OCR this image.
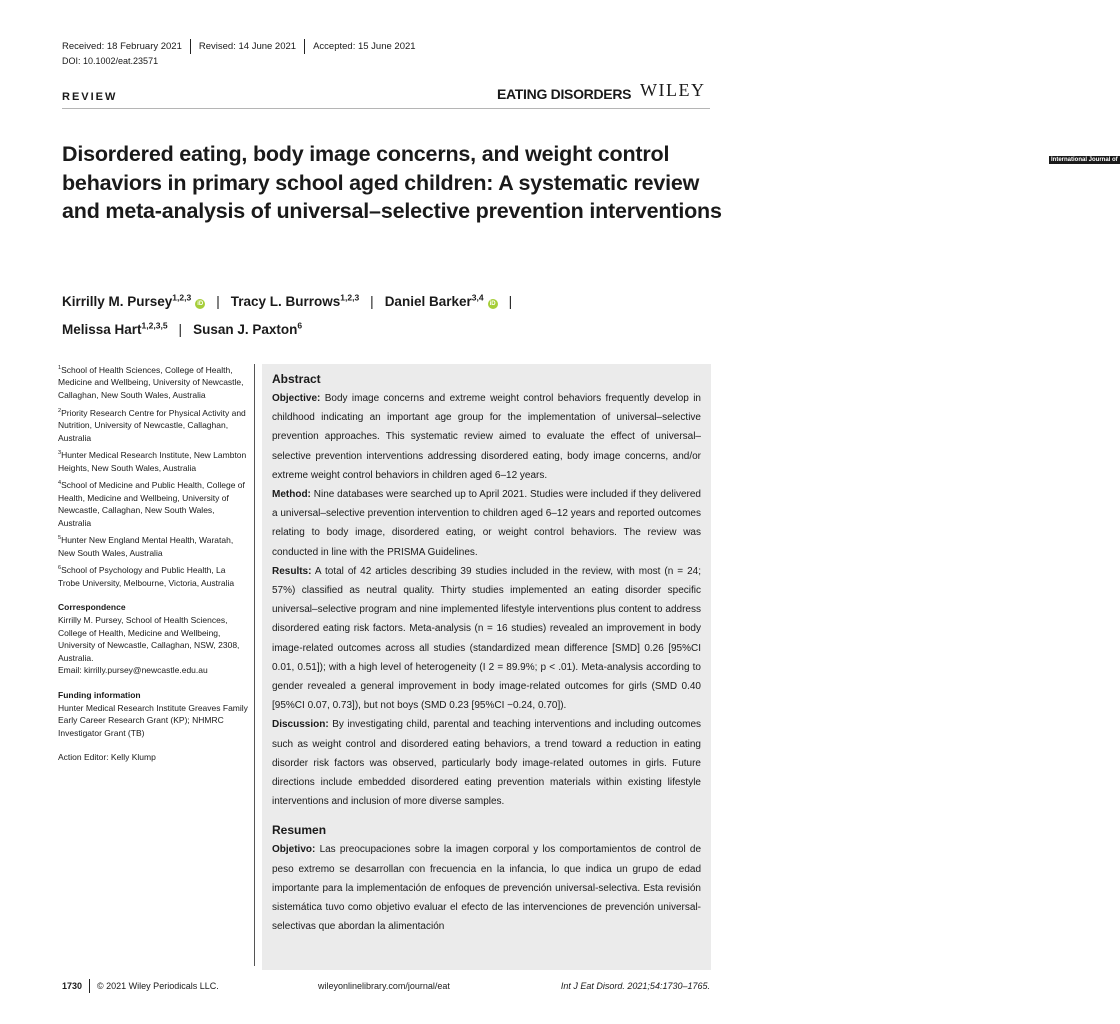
Received: 18 February 2021 Revised: 14 June 2021 Accepted: 15 June 2021
DOI: 10.1002/eat.23571
REVIEW
International Journal of
EATING DISORDERS WILEY
Disordered eating, body image concerns, and weight control behaviors in primary school aged children: A systematic review and meta-analysis of universal–selective prevention interventions
Kirrilly M. Pursey$^{1,2,3}$iD | Tracy L. Burrows$^{1,2,3}$ | Daniel Barker$^{3,4}$iD |
Melissa Hart$^{1,2,3,5}$ | Susan J. Paxton$^6$
$^1$School of Health Sciences, College of Health, Medicine and Wellbeing, University of Newcastle, Callaghan, New South Wales, Australia
$^2$Priority Research Centre for Physical Activity and Nutrition, University of Newcastle, Callaghan, Australia
$^3$Hunter Medical Research Institute, New Lambton Heights, New South Wales, Australia
$^4$School of Medicine and Public Health, College of Health, Medicine and Wellbeing, University of Newcastle, Callaghan, New South Wales, Australia
$^5$Hunter New England Mental Health, Waratah, New South Wales, Australia
$^6$School of Psychology and Public Health, La Trobe University, Melbourne, Victoria, Australia
Correspondence
Kirrilly M. Pursey, School of Health Sciences, College of Health, Medicine and Wellbeing, University of Newcastle, Callaghan, NSW, 2308, Australia.
Email: kirrilly.pursey@newcastle.edu.au
Funding information
Hunter Medical Research Institute Greaves Family Early Career Research Grant (KP); NHMRC Investigator Grant (TB)
Action Editor: Kelly Klump
Abstract

Objective: Body image concerns and extreme weight control behaviors frequently develop in childhood indicating an important age group for the implementation of universal–selective prevention approaches. This systematic review aimed to evaluate the effect of universal–selective prevention interventions addressing disordered eating, body image concerns, and/or extreme weight control behaviors in children aged 6–12 years.

Method: Nine databases were searched up to April 2021. Studies were included if they delivered a universal–selective prevention intervention to children aged 6–12 years and reported outcomes relating to body image, disordered eating, or weight control behaviors. The review was conducted in line with the PRISMA Guidelines.

Results: A total of 42 articles describing 39 studies included in the review, with most (n = 24; 57%) classified as neutral quality. Thirty studies implemented an eating disorder specific universal–selective program and nine implemented lifestyle interventions plus content to address disordered eating risk factors. Meta-analysis (n = 16 studies) revealed an improvement in body image-related outcomes across all studies (standardized mean difference [SMD] 0.26 [95%CI 0.01, 0.51]); with a high level of heterogeneity (I 2 = 89.9%; p < .01). Meta-analysis according to gender revealed a general improvement in body image-related outcomes for girls (SMD 0.40 [95%CI 0.07, 0.73]), but not boys (SMD 0.23 [95%CI −0.24, 0.70]).

Discussion: By investigating child, parental and teaching interventions and including outcomes such as weight control and disordered eating behaviors, a trend toward a reduction in eating disorder risk factors was observed, particularly body image-related outomes in girls. Future directions include embedded disordered eating prevention materials within existing lifestyle interventions and inclusion of more diverse samples.

Resumen

Objetivo: Las preocupaciones sobre la imagen corporal y los comportamientos de control de peso extremo se desarrollan con frecuencia en la infancia, lo que indica un grupo de edad importante para la implementación de enfoques de prevención universal-selectiva. Esta revisión sistemática tuvo como objetivo evaluar el efecto de las intervenciones de prevención universal-selectivas que abordan la alimentación

1730 © 2021 Wiley Periodicals LLC.	wileyonlinelibrary.com/journal/eat	Int J Eat Disord. 2021;54:1730–1765.
